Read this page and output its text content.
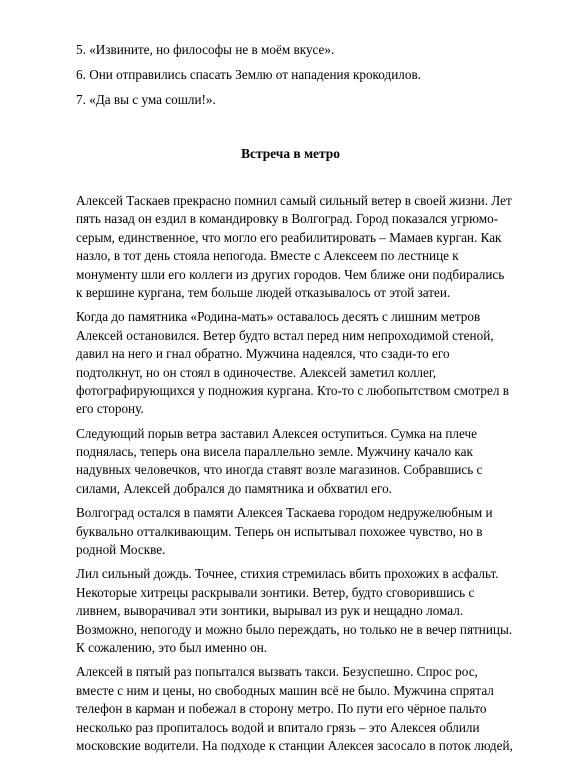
5. «Извините, но философы не в моём вкусе».
6. Они отправились спасать Землю от нападения крокодилов.
7. «Да вы с ума сошли!».
Встреча в метро

Алексей Таскаев прекрасно помнил самый сильный ветер в своей жизни. Лет
пять назад он ездил в командировку в Волгоград. Город показался угрюмо-
серым, единственное, что могло его реабилитировать – Мамаев курган. Как
назло, в тот день стояла непогода. Вместе с Алексеем по лестнице к
монументу шли его коллеги из других городов. Чем ближе они подбирались
к вершине кургана, тем больше людей отказывалось от этой затеи.

Когда до памятника «Родина-мать» оставалось десять с лишним метров
Алексей остановился. Ветер будто встал перед ним непроходимой стеной,
давил на него и гнал обратно. Мужчина надеялся, что сзади-то его
подтолкнут, но он стоял в одиночестве. Алексей заметил коллег,
фотографирующихся у подножия кургана. Кто-то с любопытством смотрел в
его сторону.

Следующий порыв ветра заставил Алексея оступиться. Сумка на плече
поднялась, теперь она висела параллельно земле. Мужчину качало как
надувных человечков, что иногда ставят возле магазинов. Собравшись с
силами, Алексей добрался до памятника и обхватил его.

Волгоград остался в памяти Алексея Таскаева городом недружелюбным и
буквально отталкивающим. Теперь он испытывал похожее чувство, но в
родной Москве.

Лил сильный дождь. Точнее, стихия стремилась вбить прохожих в асфальт.
Некоторые хитрецы раскрывали зонтики. Ветер, будто сговорившись с
ливнем, выворачивал эти зонтики, вырывал из рук и нещадно ломал.
Возможно, непогоду и можно было переждать, но только не в вечер пятницы.
К сожалению, это был именно он.

Алексей в пятый раз попытался вызвать такси. Безуспешно. Спрос рос,
вместе с ним и цены, но свободных машин всё не было. Мужчина спрятал
телефон в карман и побежал в сторону метро. По пути его чёрное пальто
несколько раз пропиталось водой и впитало грязь – это Алексея облили
московские водители. На подходе к станции Алексея засосало в поток людей,
